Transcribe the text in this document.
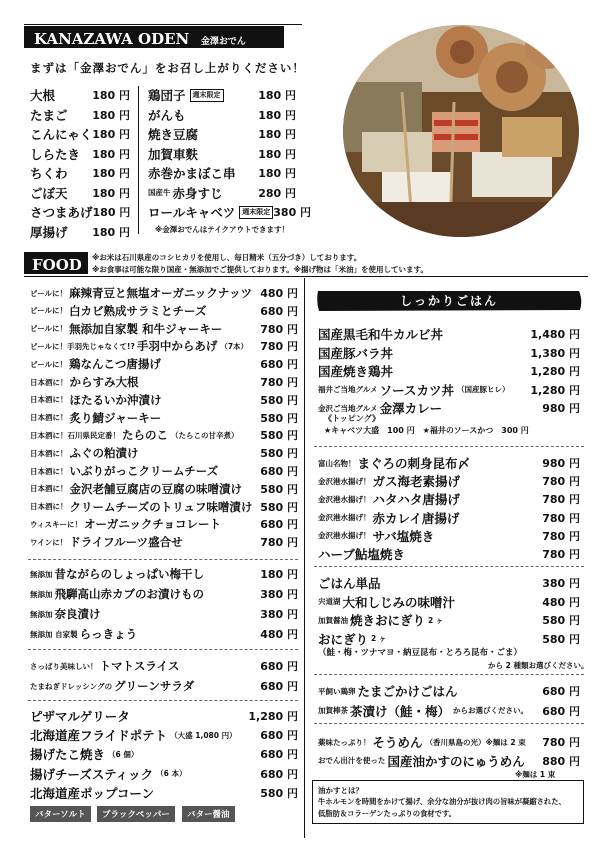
KANAZAWA ODEN 金澤おでん
まずは「金澤おでん」をお召し上がりください！
大根	180 円
たまご 180 円
こんにゃく 180 円
しらたき 180 円
ちくわ 180 円
ごぼ天 180 円
さつまあげ 180 円
厚揚げ 180 円
鶏団子	週末限定	180 円
がんも	180 円
焼き豆腐	180 円
加賀車麩	180 円
赤巻かまぼこ串 180 円
国産牛 赤身すじ	280 円
ロールキャベツ	週末限定 380 円
※金澤おでんはテイクアウトできます！
FOOD	※お米は石川県産のコシヒカリを使用し、毎日精米（五分づき）しております。
※お食事は可能な限り国産・無添加でご提供しております。※揚げ物は「米油」を使用しています。
ビールに！ 麻辣青豆と無塩オーガニックナッツ 480 円
ビールに！ 白カビ熟成サラミとチーズ	680 円
ビールに！ 無添加自家製 和牛ジャーキー	780 円
ビールに！手羽先じゃなくて!? 手羽中からあげ （7本） 780 円
ビールに！ 鶏なんこつ唐揚げ	680 円
日本酒に！ からすみ大根	780 円
日本酒に！ ほたるいか沖漬け	580 円
日本酒に！ 炙り鯖ジャーキー	580 円
日本酒に！石川県民定番！ たらのこ （たらこの甘辛煮） 580 円
日本酒に！ ふぐの粕漬け	580 円
日本酒に！ いぶりがっこクリームチーズ	680 円
日本酒に！ 金沢老舗豆腐店の豆腐の味噌漬け 580 円
日本酒に！ クリームチーズのトリュフ味噌漬け 580 円
ウィスキーに！ オーガニックチョコレート	680 円
ワインに！ ドライフルーツ盛合せ	780 円
無添加 昔ながらのしょっぱい梅干し	180 円
無添加 飛騨高山赤カブのお漬けもの	380 円
無添加 奈良漬け	380 円
無添加 自家製 らっきょう	480 円
さっぱり美味しい！ トマトスライス	680 円
たまねぎドレッシングの グリーンサラダ	680 円
ピザマルゲリータ	1,280 円
北海道産フライドポテト （大盛 1,080 円） 680 円
揚げたこ焼き （6 個）	680 円
揚げチーズスティック （6 本）	680 円
北海道産ポップコーン	580 円
バターソルト	ブラックペッパー	バター醤油
しっかりごはん
国産黒毛和牛カルビ丼	1,480 円
国産豚バラ丼	1,380 円
国産焼き鶏丼	1,280 円
福井ご当地グルメ ソースカツ丼 （国産豚ヒレ） 1,280 円
金沢ご当地グルメ 金澤カレー	980 円
《トッピング》
★キャベツ大盛　100 円　★福井のソースかつ　300 円
富山名物！ まぐろの刺身昆布〆	980 円
金沢港水揚げ！ ガス海老素揚げ	780 円
金沢港水揚げ！ ハタハタ唐揚げ	780 円
金沢港水揚げ！ 赤カレイ唐揚げ	780 円
金沢港水揚げ！ サバ塩焼き	780 円
ハーブ鮎塩焼き	780 円
ごはん単品	380 円
宍道湖 大和しじみの味噌汁	480 円
加賀醤油 焼きおにぎり 2 ヶ	580 円
おにぎり 2 ヶ	580 円
（鮭・梅・ツナマヨ・納豆昆布・とろろ昆布・ごま）
から 2 種類お選びください。
平飼い鶏卵 たまごかけごはん	680 円
加賀棒茶 茶漬け（鮭・梅） からお選びください。 680 円
薬味たっぷり！ そうめん （香川県島の光）※麺は 2 束 780 円
おでん出汁を使った 国産油かすのにゅうめん 880 円
※麺は 1 束
油かすとは？
牛ホルモンを時間をかけて揚げ、余分な油分が抜け肉の旨味が凝縮された、
低脂肪＆コラーゲンたっぷりの食材です。
